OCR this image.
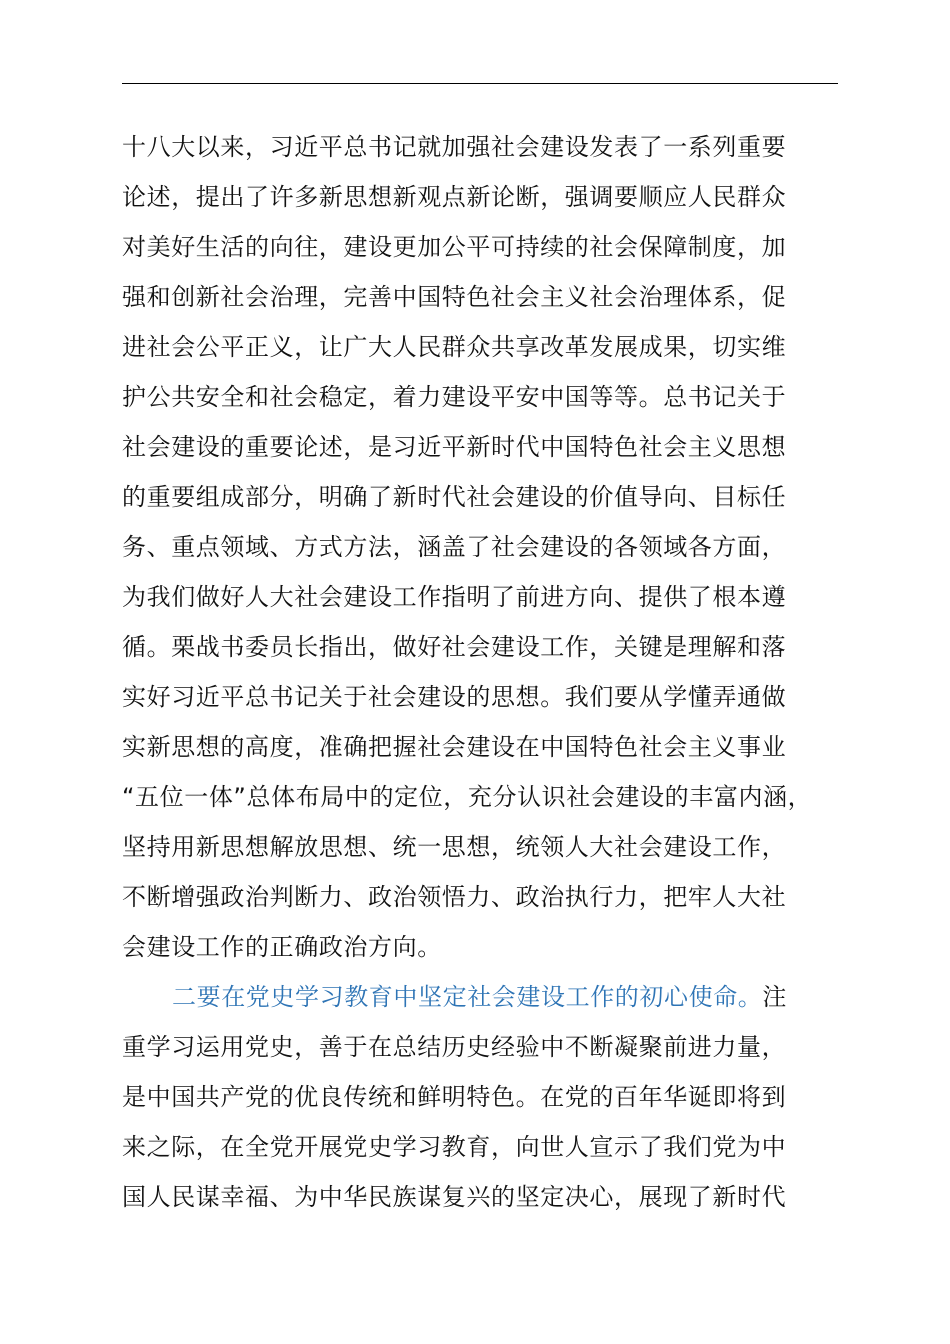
十八大以来，习近平总书记就加强社会建设发表了一系列重要
论述，提出了许多新思想新观点新论断，强调要顺应人民群众
对美好生活的向往，建设更加公平可持续的社会保障制度，加
强和创新社会治理，完善中国特色社会主义社会治理体系，促
进社会公平正义，让广大人民群众共享改革发展成果，切实维
护公共安全和社会稳定，着力建设平安中国等等。总书记关于
社会建设的重要论述，是习近平新时代中国特色社会主义思想
的重要组成部分，明确了新时代社会建设的价值导向、目标任
务、重点领域、方式方法，涵盖了社会建设的各领域各方面，
为我们做好人大社会建设工作指明了前进方向、提供了根本遵
循。栗战书委员长指出，做好社会建设工作，关键是理解和落
实好习近平总书记关于社会建设的思想。我们要从学懂弄通做
实新思想的高度，准确把握社会建设在中国特色社会主义事业
“五位一体”总体布局中的定位，充分认识社会建设的丰富内涵，
坚持用新思想解放思想、统一思想，统领人大社会建设工作，
不断增强政治判断力、政治领悟力、政治执行力，把牢人大社
会建设工作的正确政治方向。
二要在党史学习教育中坚定社会建设工作的初心使命。注
重学习运用党史，善于在总结历史经验中不断凝聚前进力量，
是中国共产党的优良传统和鲜明特色。在党的百年华诞即将到
来之际，在全党开展党史学习教育，向世人宣示了我们党为中
国人民谋幸福、为中华民族谋复兴的坚定决心，展现了新时代
